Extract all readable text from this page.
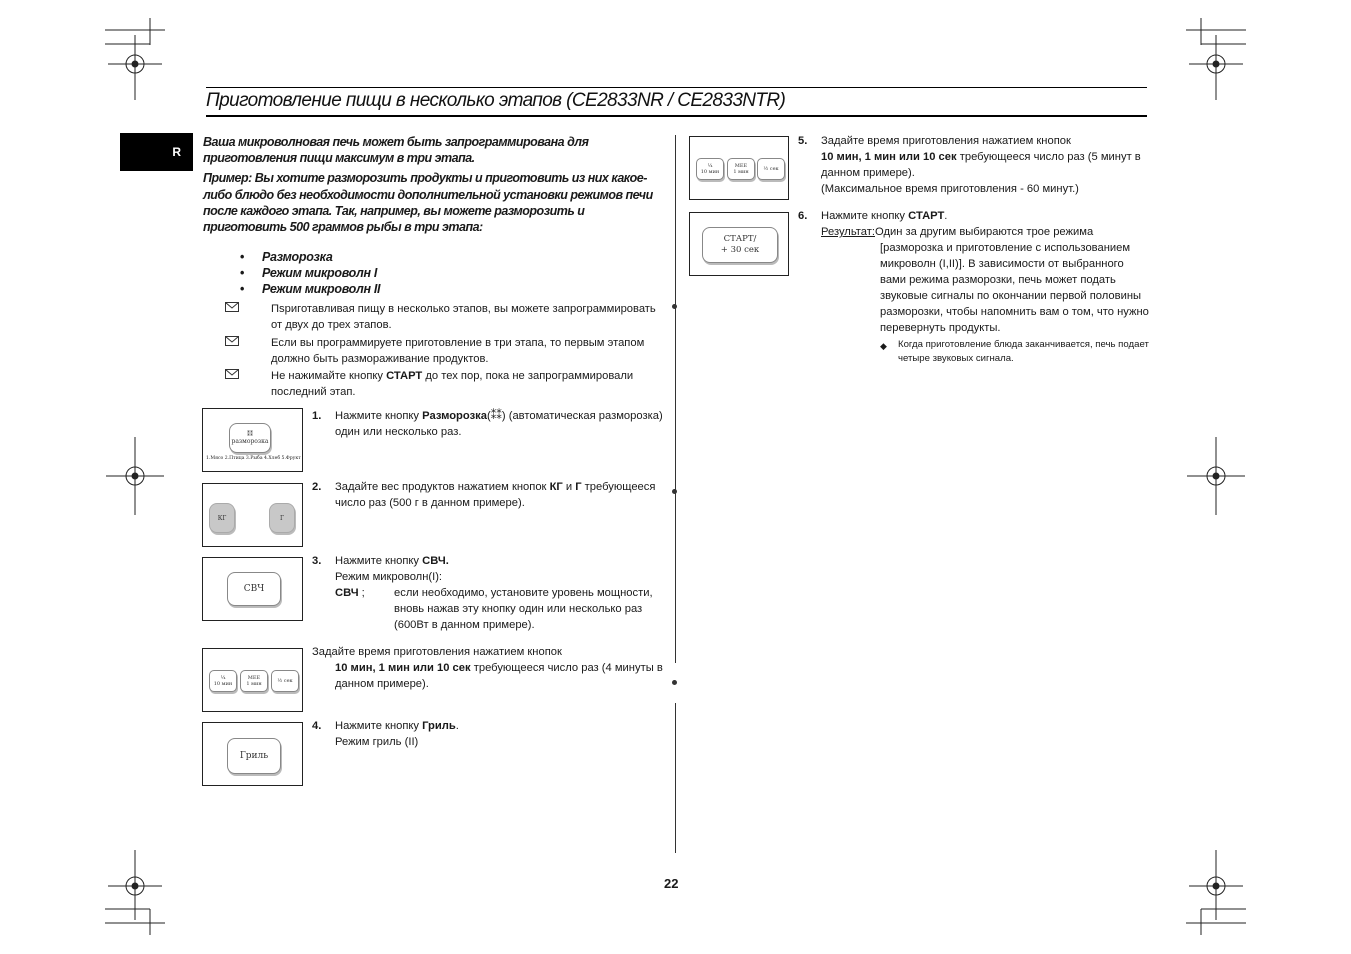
Приготовление пищи в несколько этапов (CE2833NR / CE2833NTR)
R

Ваша микроволновая печь может быть запрограммирована для приготовления пищи максимум в три этапа.

Пример: Вы хотите разморозить продукты и приготовить из них какое-либо блюдо без необходимости дополнительной установки режимов печи после каждого этапа. Так, например, вы можете разморозить и приготовить 500 граммов рыбы в три этапа:

• Разморозка
• Режим микроволн I
• Режим микроволн II
Пsриготавливая пищу в несколько этапов, вы можете запрограммировать от двух до трех этапов.
Если вы программируете приготовление в три этапа, то первым этапом должно быть размораживание продуктов.
Не нажимайте кнопку СТАРТ до тех пор, пока не запрограммировали последний этап.
⁑⁑
разморозка
1.Мясо 2.Птица 3.Рыба 4.Хлеб 5.Фрукт
1. Нажмите кнопку Разморозка(⁑⁑) (автоматическая разморозка) один или несколько раз.
КГ	Г
2. Задайте вес продуктов нажатием кнопок КГ и Г требующееся число раз (500 г в данном примере).
СВЧ
3. Нажмите кнопку СВЧ.
Режим микроволн(I):
СВЧ ;	если необходимо, установите уровень мощности, вновь нажав эту кнопку один или несколько раз (600Вт в данном примере).
¼
10 мин
МЕЕ
1 мин	½ сек
Задайте время приготовления нажатием кнопок

10 мин, 1 мин или 10 сек требующееся число раз (4 минуты в данном примере).
Гриль
4. Нажмите кнопку Гриль.
Режим гриль (II)
¼
10 мин
МЕЕ
1 мин	½ сек
5. Задайте время приготовления нажатием кнопок
10 мин, 1 мин или 10 сек требующееся число раз (5 минут в данном примере).
(Максимальное время приготовления - 60 минут.)
СТАРТ/
+ 30 сек
6. Нажмите кнопку СТАРТ.
Результат:Один за другим выбираются трое режима
[разморозка и приготовление с использованием микроволн (I,II)]. В зависимости от выбранного вами режима разморозки, печь может подать звуковые сигналы по окончании первой половины разморозки, чтобы напомнить вам о том, что нужно перевернуть продукты.
◆ Когда приготовление блюда заканчивается, печь подает четыре звуковых сигнала.
22
